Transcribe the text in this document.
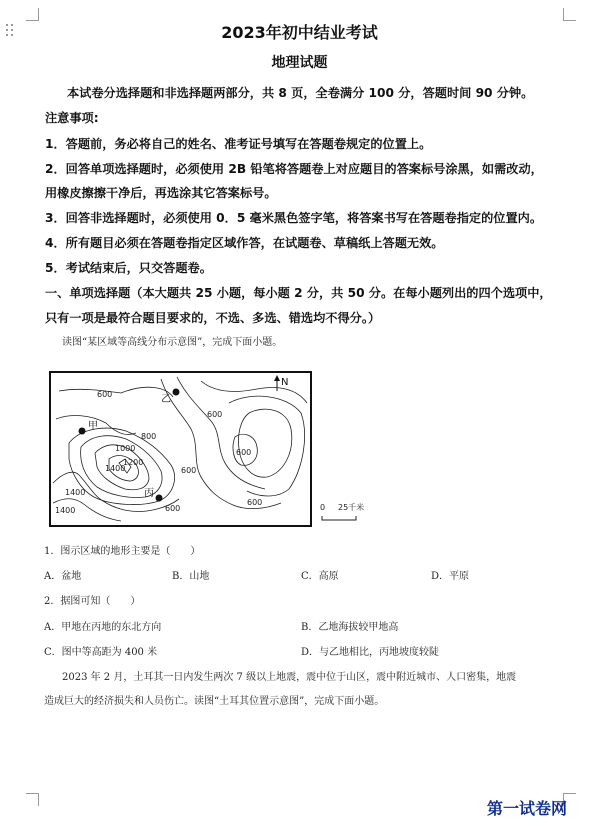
2023年初中结业考试
地理试题
本试卷分选择题和非选择题两部分，共 8 页，全卷满分 100 分，答题时间 90 分钟。
注意事项:
1．答题前，务必将自己的姓名、准考证号填写在答题卷规定的位置上。
2．回答单项选择题时，必须使用 2B 铅笔将答题卷上对应题目的答案标号涂黑，如需改动，
用橡皮擦擦干净后，再选涂其它答案标号。
3．回答非选择题时，必须使用 0．5 毫米黑色签字笔，将答案书写在答题卷指定的位置内。
4．所有题目必须在答题卷指定区域作答，在试题卷、草稿纸上答题无效。
5．考试结束后，只交答题卷。
一、单项选择题（本大题共 25 小题，每小题 2 分，共 50 分。在每小题列出的四个选项中，
只有一项是最符合题目要求的，不选、多选、错选均不得分。）
读图“某区域等高线分布示意图”，完成下面小题。
600
800
1000
1200
1400
1400
1400
600
600
600
600
600
乙
甲
丙
N
0 25千米
1．图示区域的地形主要是（　　）
A．盆地	B．山地	C．高原	D．平原
2．据图可知（　　）
A．甲地在丙地的东北方向	B．乙地海拔较甲地高
C．图中等高距为 400 米	D．与乙地相比，丙地坡度较陡
2023 年 2 月，土耳其一日内发生两次 7 级以上地震，震中位于山区，震中附近城市、人口密集，地震
造成巨大的经济损失和人员伤亡。读图“土耳其位置示意图”，完成下面小题。
第一试卷网
